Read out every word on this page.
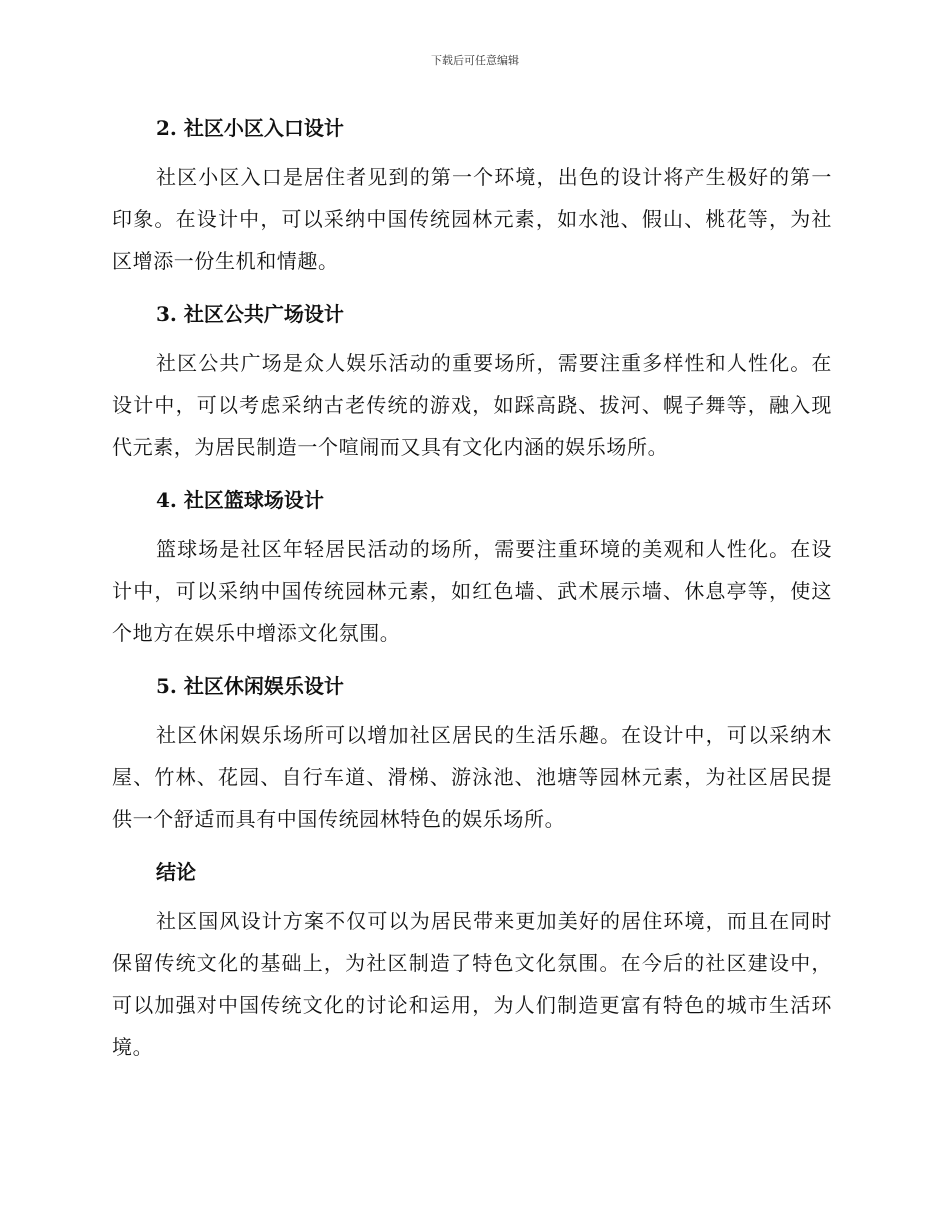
下载后可任意编辑
2. 社区小区入口设计

社区小区入口是居住者见到的第一个环境，出色的设计将产生极好的第一印象。在设计中，可以采纳中国传统园林元素，如水池、假山、桃花等，为社区增添一份生机和情趣。

3. 社区公共广场设计

社区公共广场是众人娱乐活动的重要场所，需要注重多样性和人性化。在设计中，可以考虑采纳古老传统的游戏，如踩高跷、拔河、幌子舞等，融入现代元素，为居民制造一个喧闹而又具有文化内涵的娱乐场所。

4. 社区篮球场设计

篮球场是社区年轻居民活动的场所，需要注重环境的美观和人性化。在设计中，可以采纳中国传统园林元素，如红色墙、武术展示墙、休息亭等，使这个地方在娱乐中增添文化氛围。

5. 社区休闲娱乐设计

社区休闲娱乐场所可以增加社区居民的生活乐趣。在设计中，可以采纳木屋、竹林、花园、自行车道、滑梯、游泳池、池塘等园林元素，为社区居民提供一个舒适而具有中国传统园林特色的娱乐场所。

结论

社区国风设计方案不仅可以为居民带来更加美好的居住环境，而且在同时保留传统文化的基础上，为社区制造了特色文化氛围。在今后的社区建设中，可以加强对中国传统文化的讨论和运用，为人们制造更富有特色的城市生活环境。
